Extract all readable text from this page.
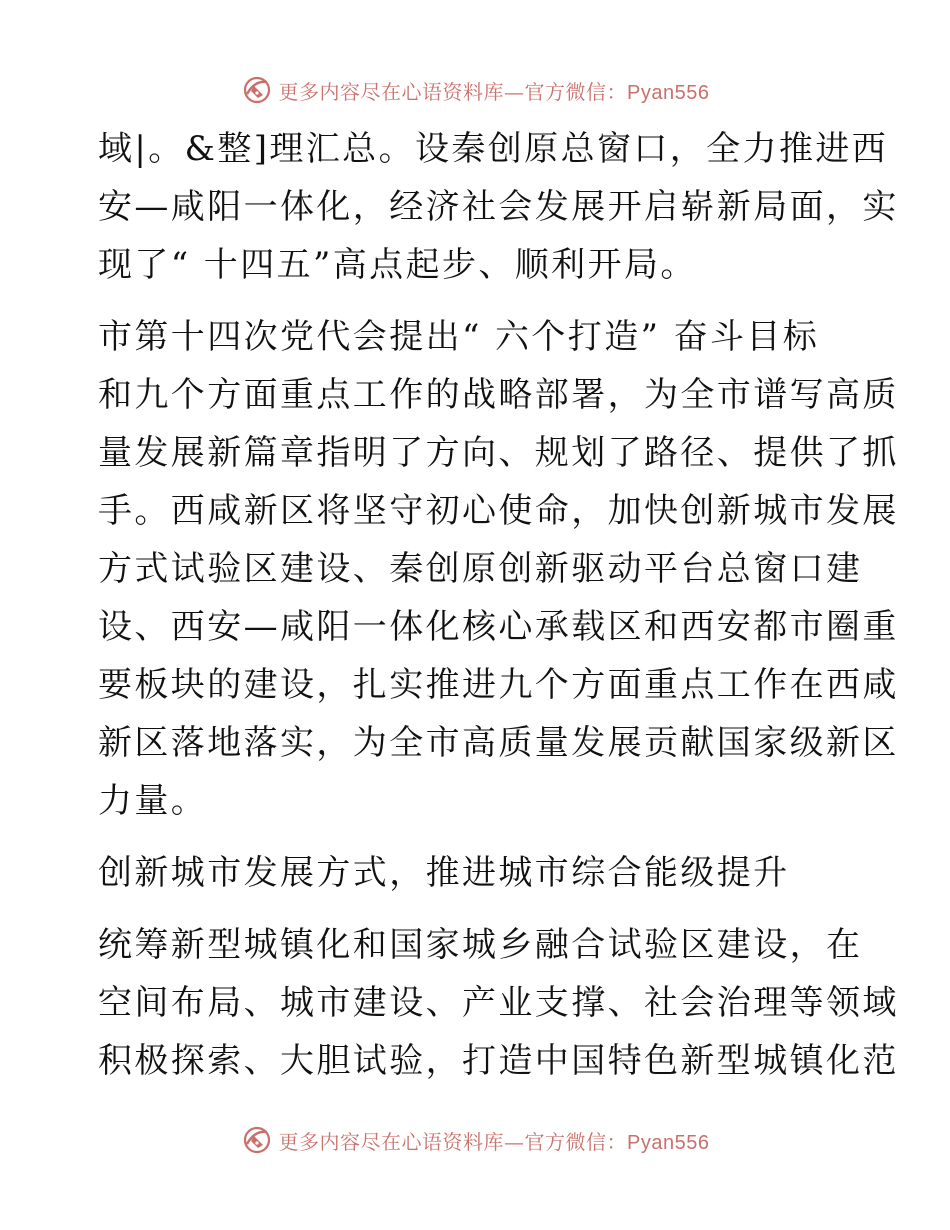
更多内容尽在心语资料库—官方微信：Pyan556
域|。&整]理汇总。设秦创原总窗口，全力推进西
安—咸阳一体化，经济社会发展开启崭新局面，实
现了“ 十四五”高点起步、顺利开局。
市第十四次党代会提出“ 六个打造” 奋斗目标
和九个方面重点工作的战略部署，为全市谱写高质
量发展新篇章指明了方向、规划了路径、提供了抓
手。西咸新区将坚守初心使命，加快创新城市发展
方式试验区建设、秦创原创新驱动平台总窗口建
设、西安—咸阳一体化核心承载区和西安都市圈重
要板块的建设，扎实推进九个方面重点工作在西咸
新区落地落实，为全市高质量发展贡献国家级新区
力量。
创新城市发展方式，推进城市综合能级提升
统筹新型城镇化和国家城乡融合试验区建设，在
空间布局、城市建设、产业支撑、社会治理等领域
积极探索、大胆试验，打造中国特色新型城镇化范
更多内容尽在心语资料库—官方微信：Pyan556
